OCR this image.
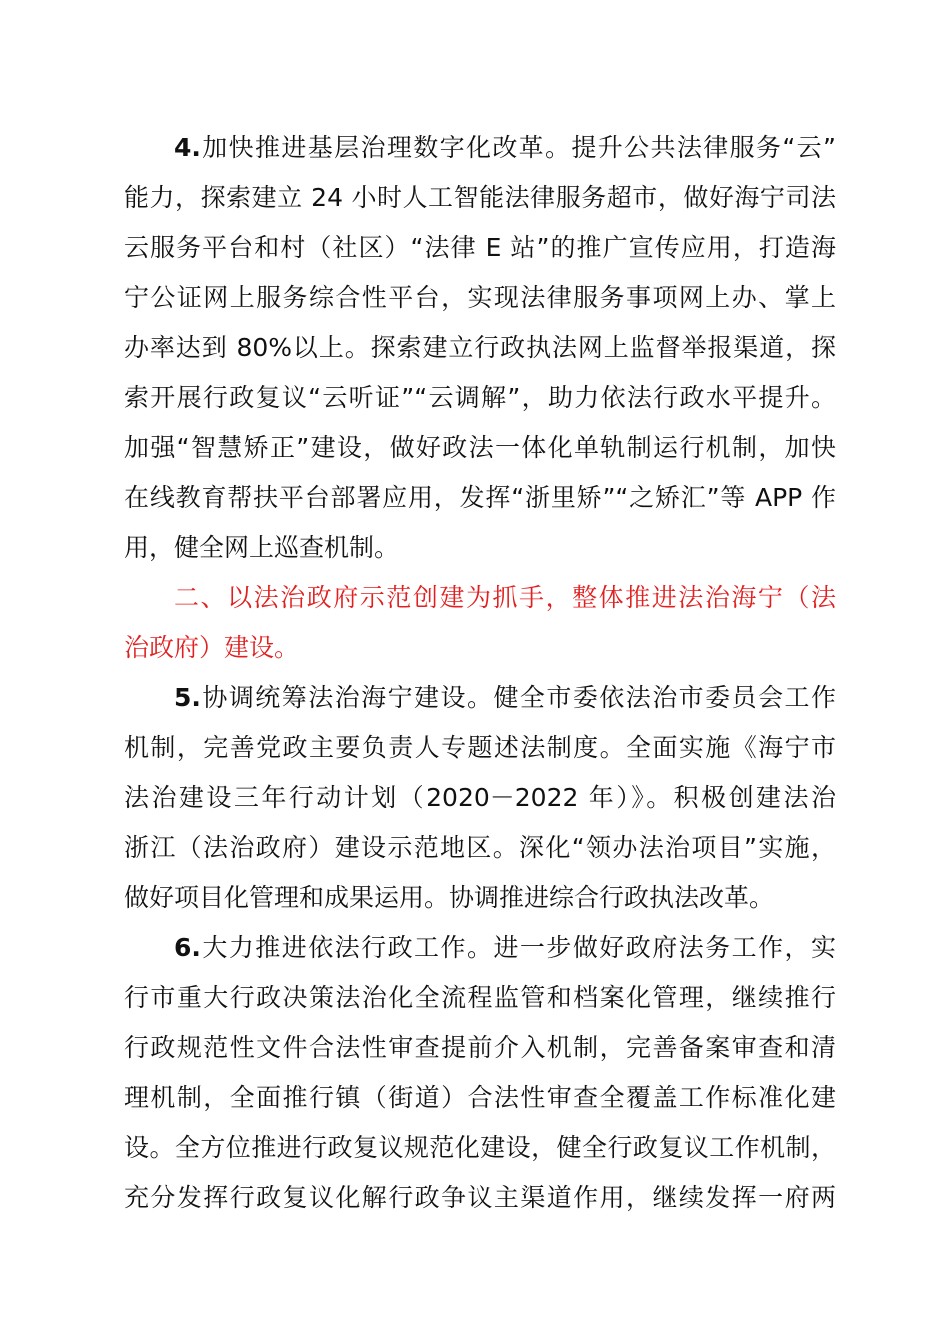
4.加快推进基层治理数字化改革。提升公共法律服务“云”
能力，探索建立 24 小时人工智能法律服务超市，做好海宁司法
云服务平台和村（社区）“法律 E 站”的推广宣传应用，打造海
宁公证网上服务综合性平台，实现法律服务事项网上办、掌上
办率达到 80%以上。探索建立行政执法网上监督举报渠道，探
索开展行政复议“云听证”“云调解”，助力依法行政水平提升。
加强“智慧矫正”建设，做好政法一体化单轨制运行机制，加快
在线教育帮扶平台部署应用，发挥“浙里矫”“之矫汇”等 APP 作
用，健全网上巡查机制。
二、以法治政府示范创建为抓手，整体推进法治海宁（法
治政府）建设。
5.协调统筹法治海宁建设。健全市委依法治市委员会工作
机制，完善党政主要负责人专题述法制度。全面实施《海宁市
法治建设三年行动计划（2020－2022 年）》。积极创建法治
浙江（法治政府）建设示范地区。深化“领办法治项目”实施，
做好项目化管理和成果运用。协调推进综合行政执法改革。
6.大力推进依法行政工作。进一步做好政府法务工作，实
行市重大行政决策法治化全流程监管和档案化管理，继续推行
行政规范性文件合法性审查提前介入机制，完善备案审查和清
理机制，全面推行镇（街道）合法性审查全覆盖工作标准化建
设。全方位推进行政复议规范化建设，健全行政复议工作机制，
充分发挥行政复议化解行政争议主渠道作用，继续发挥一府两
